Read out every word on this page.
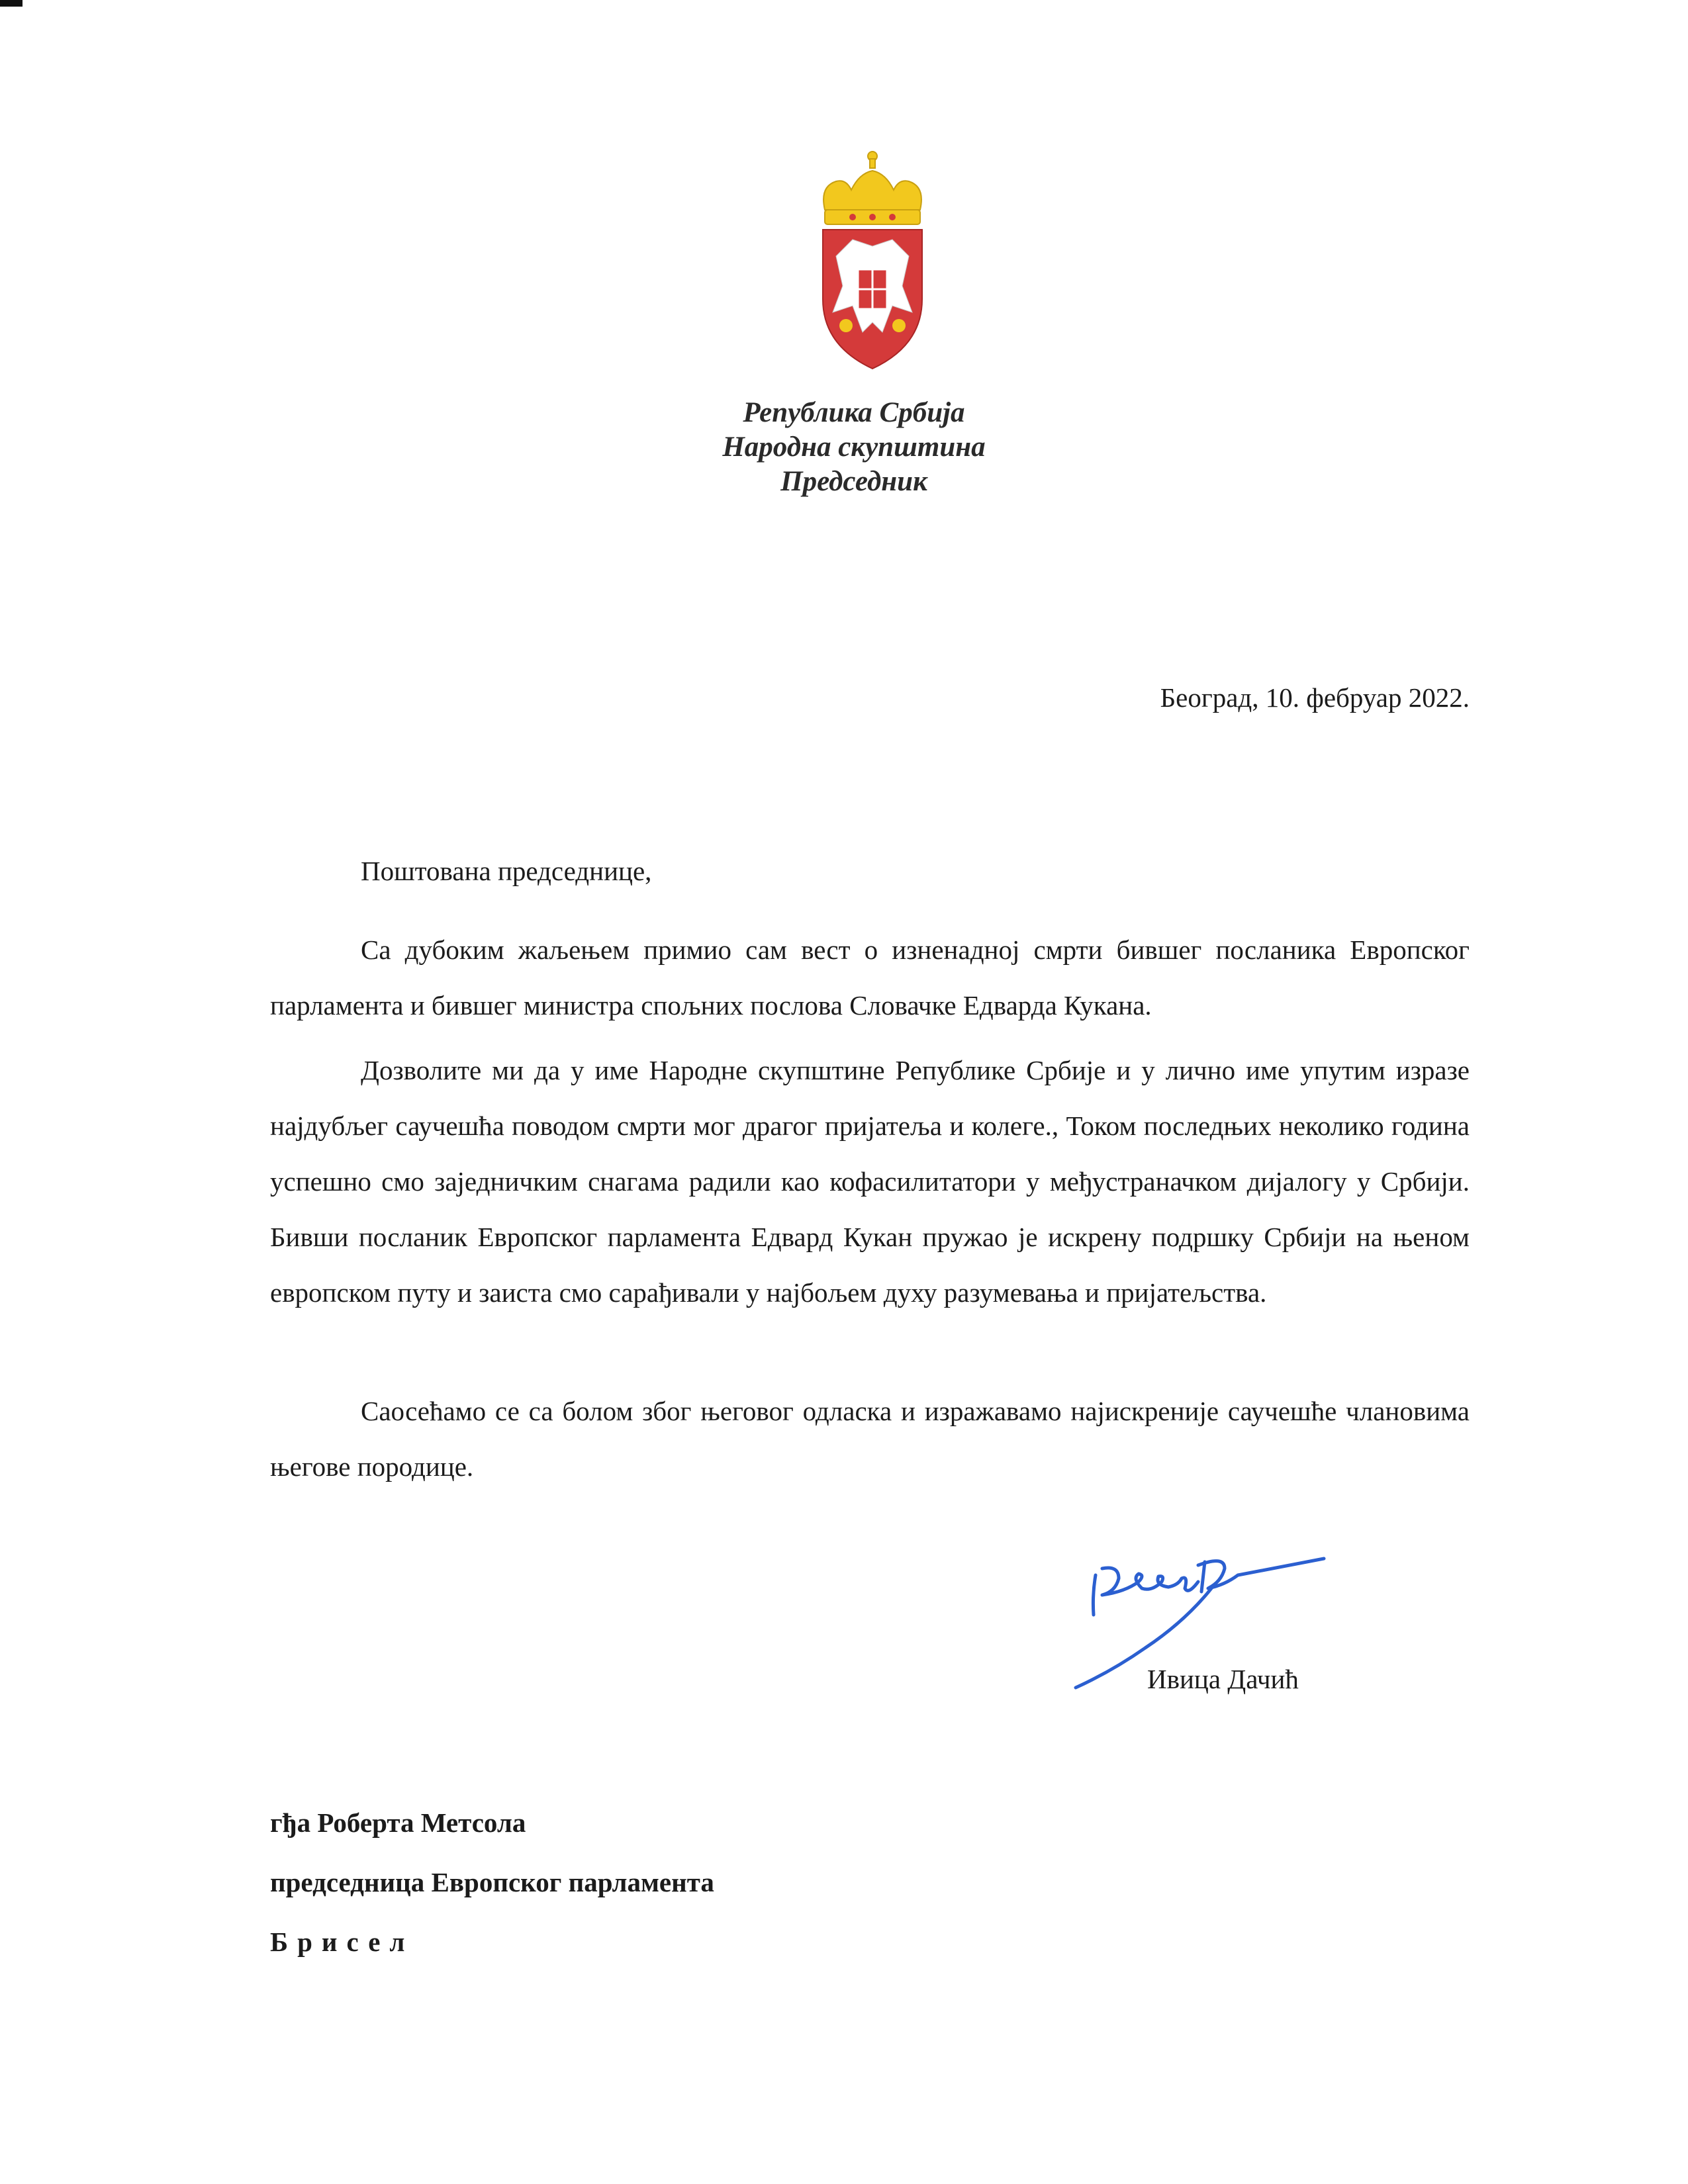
Република Србија
Народна скупштина
Председник
Београд, 10. фебруар 2022.
Поштована председнице,
Са дубоким жаљењем примио сам вест о изненадној смрти бившег посланика Европског парламента и бившег министра спољних послова Словачке Едварда Кукана.
Дозволите ми да у име Народне скупштине Републике Србије и у лично име упутим изразе најдубљег саучешћа поводом смрти мог драгог пријатеља и колеге., Током последњих неколико година успешно смо заједничким снагама радили као кофасилитатори у међустраначком дијалогу у Србији. Бивши посланик Европског парламента Едвард Кукан пружао је искрену подршку Србији на њеном европском путу и заиста смо сарађивали у најбољем духу разумевања и пријатељства.
Саосећамо се са болом због његовог одласка и изражавамо најискреније саучешће члановима његове породице.
Ивица Дачић
гђа Роберта Метсола
председница Европског парламента
Брисел
